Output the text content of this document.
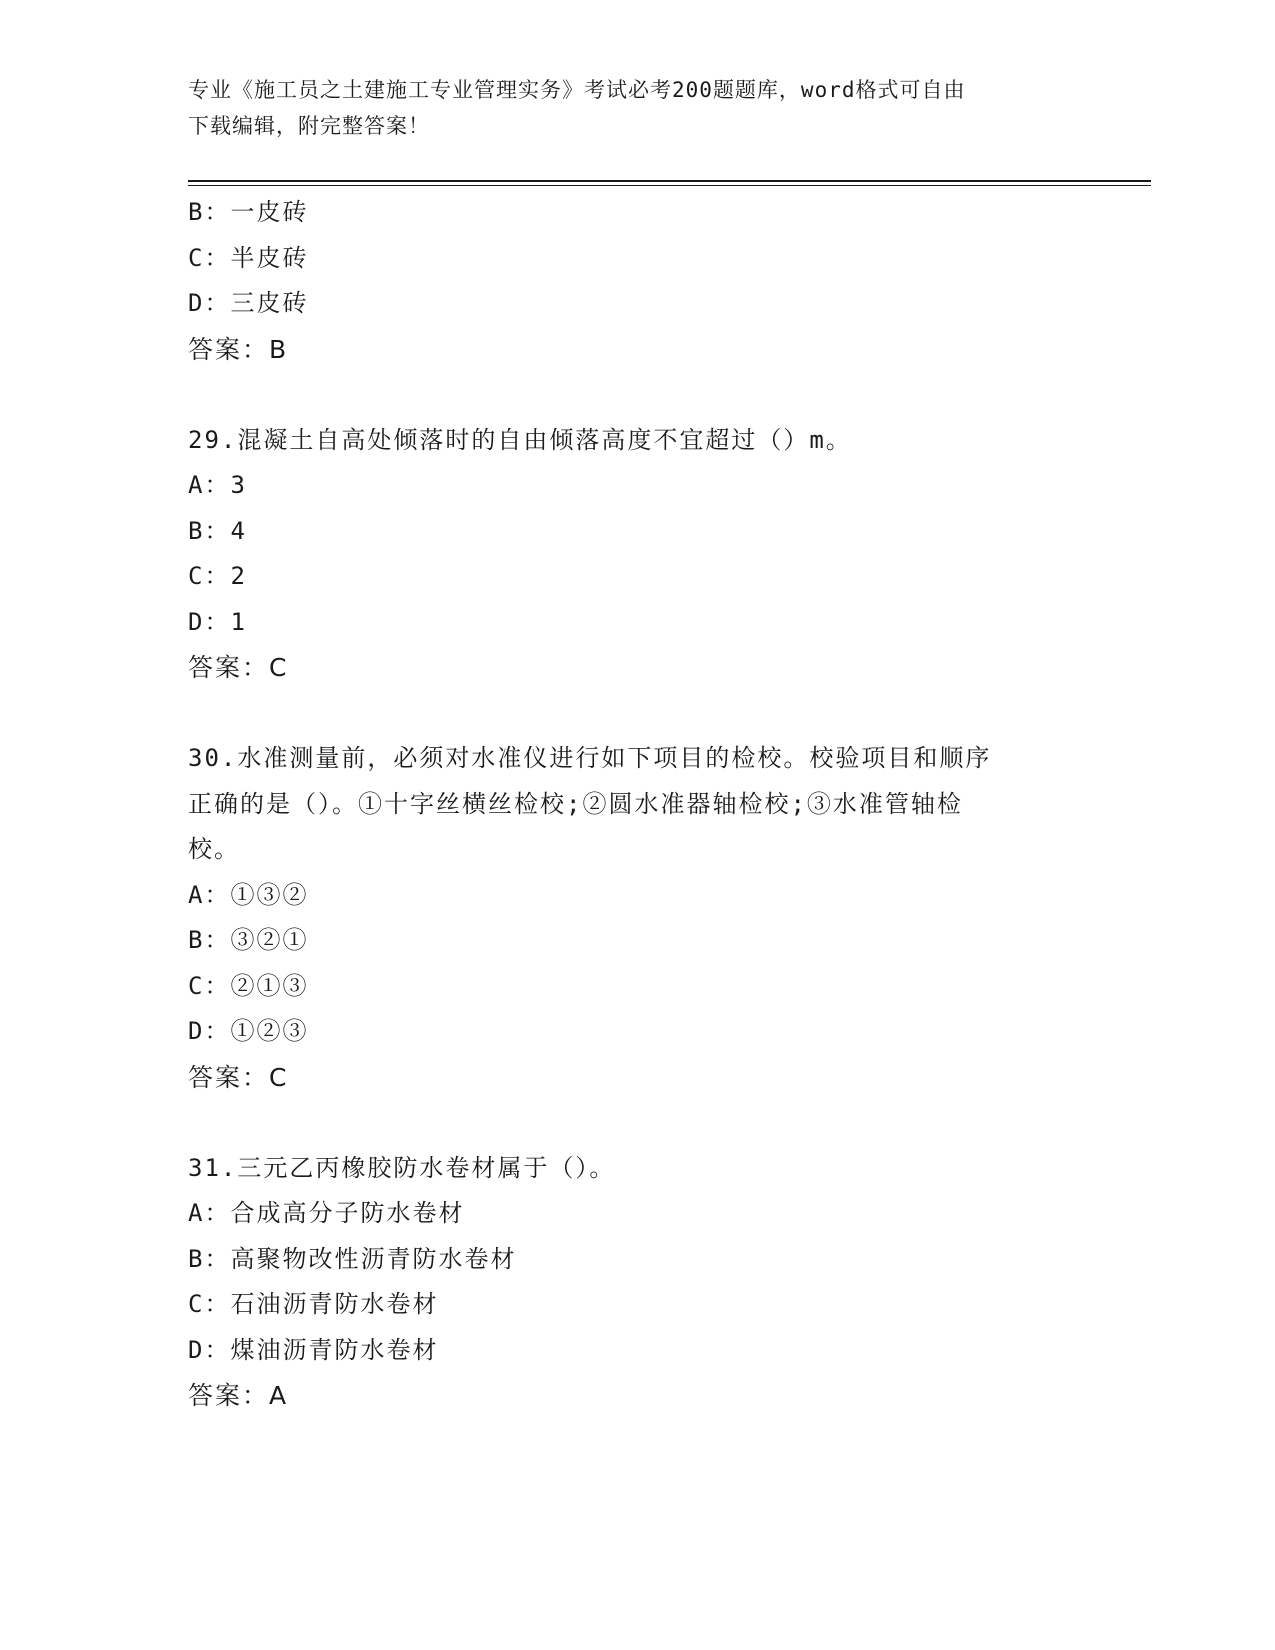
专业《施工员之土建施工专业管理实务》考试必考200题题库，word格式可自由
下载编辑，附完整答案！
B：一皮砖
C：半皮砖
D：三皮砖
答案：B
29.混凝土自高处倾落时的自由倾落高度不宜超过（）m。
A：3
B：4
C：2
D：1
答案：C
30.水准测量前，必须对水准仪进行如下项目的检校。校验项目和顺序
正确的是（）。①十字丝横丝检校;②圆水准器轴检校;③水准管轴检
校。
A：①③②
B：③②①
C：②①③
D：①②③
答案：C
31.三元乙丙橡胶防水卷材属于（）。
A：合成高分子防水卷材
B：高聚物改性沥青防水卷材
C：石油沥青防水卷材
D：煤油沥青防水卷材
答案：A
